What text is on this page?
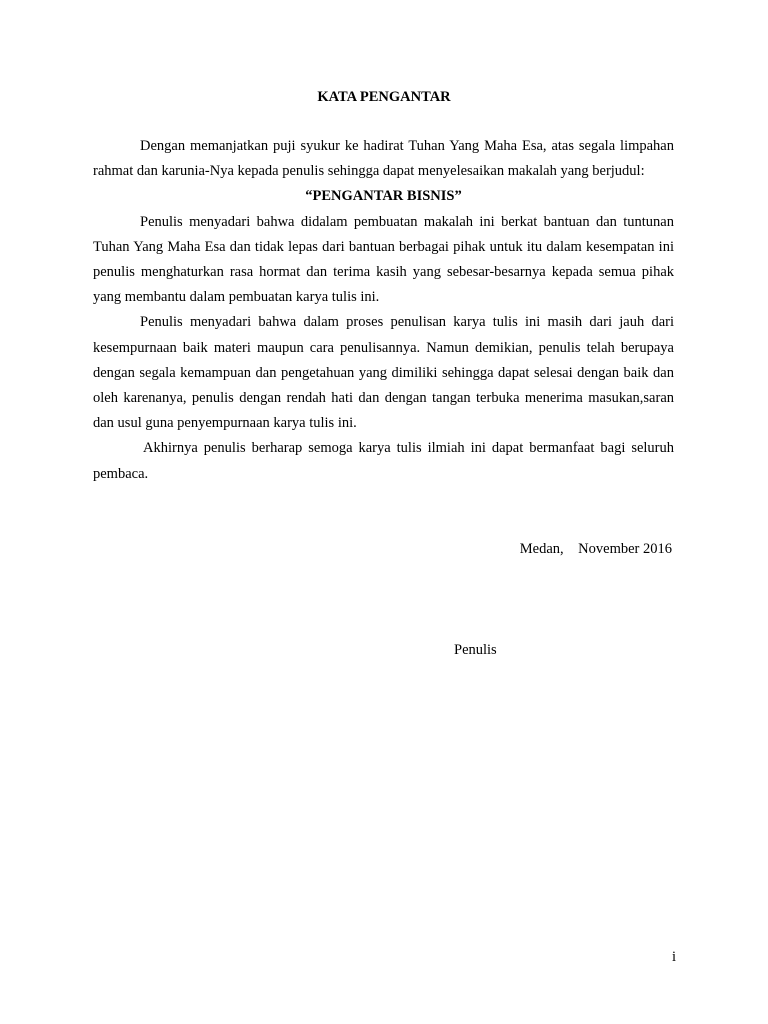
KATA PENGANTAR

Dengan memanjatkan puji syukur ke hadirat Tuhan Yang Maha Esa, atas segala limpahan rahmat dan karunia-Nya kepada penulis sehingga dapat menyelesaikan makalah yang berjudul:

“PENGANTAR BISNIS”

Penulis menyadari bahwa didalam pembuatan makalah ini berkat bantuan dan tuntunan Tuhan Yang Maha Esa dan tidak lepas dari bantuan berbagai pihak untuk itu dalam kesempatan ini penulis menghaturkan rasa hormat dan terima kasih yang sebesar-besarnya kepada semua pihak yang membantu dalam pembuatan karya tulis ini.

Penulis menyadari bahwa dalam proses penulisan karya tulis ini masih dari jauh dari kesempurnaan baik materi maupun cara penulisannya. Namun demikian, penulis telah berupaya dengan segala kemampuan dan pengetahuan yang dimiliki sehingga dapat selesai dengan baik dan oleh karenanya, penulis dengan rendah hati dan dengan tangan terbuka menerima masukan,saran dan usul guna penyempurnaan karya tulis ini.

Akhirnya penulis berharap semoga karya tulis ilmiah ini dapat bermanfaat bagi seluruh pembaca.

Medan,    November 2016
Penulis
i
